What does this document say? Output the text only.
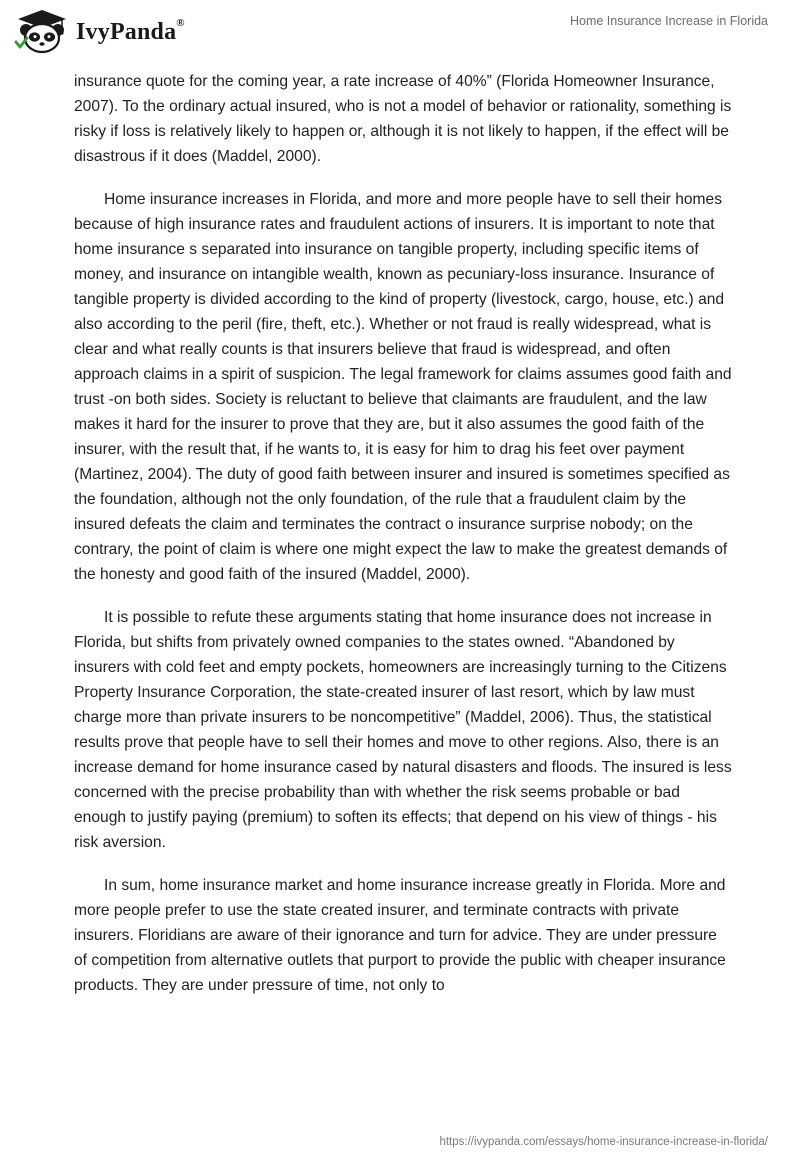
IvyPanda®	Home Insurance Increase in Florida

insurance quote for the coming year, a rate increase of 40%” (Florida Homeowner Insurance, 2007). To the ordinary actual insured, who is not a model of behavior or rationality, something is risky if loss is relatively likely to happen or, although it is not likely to happen, if the effect will be disastrous if it does (Maddel, 2000).

Home insurance increases in Florida, and more and more people have to sell their homes because of high insurance rates and fraudulent actions of insurers. It is important to note that home insurance s separated into insurance on tangible property, including specific items of money, and insurance on intangible wealth, known as pecuniary-loss insurance. Insurance of tangible property is divided according to the kind of property (livestock, cargo, house, etc.) and also according to the peril (fire, theft, etc.). Whether or not fraud is really widespread, what is clear and what really counts is that insurers believe that fraud is widespread, and often approach claims in a spirit of suspicion. The legal framework for claims assumes good faith and trust -on both sides. Society is reluctant to believe that claimants are fraudulent, and the law makes it hard for the insurer to prove that they are, but it also assumes the good faith of the insurer, with the result that, if he wants to, it is easy for him to drag his feet over payment (Martinez, 2004). The duty of good faith between insurer and insured is sometimes specified as the foundation, although not the only foundation, of the rule that a fraudulent claim by the insured defeats the claim and terminates the contract o insurance surprise nobody; on the contrary, the point of claim is where one might expect the law to make the greatest demands of the honesty and good faith of the insured (Maddel, 2000).

It is possible to refute these arguments stating that home insurance does not increase in Florida, but shifts from privately owned companies to the states owned. “Abandoned by insurers with cold feet and empty pockets, homeowners are increasingly turning to the Citizens Property Insurance Corporation, the state-created insurer of last resort, which by law must charge more than private insurers to be noncompetitive” (Maddel, 2006). Thus, the statistical results prove that people have to sell their homes and move to other regions. Also, there is an increase demand for home insurance cased by natural disasters and floods. The insured is less concerned with the precise probability than with whether the risk seems probable or bad enough to justify paying (premium) to soften its effects; that depend on his view of things - his risk aversion.

In sum, home insurance market and home insurance increase greatly in Florida. More and more people prefer to use the state created insurer, and terminate contracts with private insurers. Floridians are aware of their ignorance and turn for advice. They are under pressure of competition from alternative outlets that purport to provide the public with cheaper insurance products. They are under pressure of time, not only to

https://ivypanda.com/essays/home-insurance-increase-in-florida/
